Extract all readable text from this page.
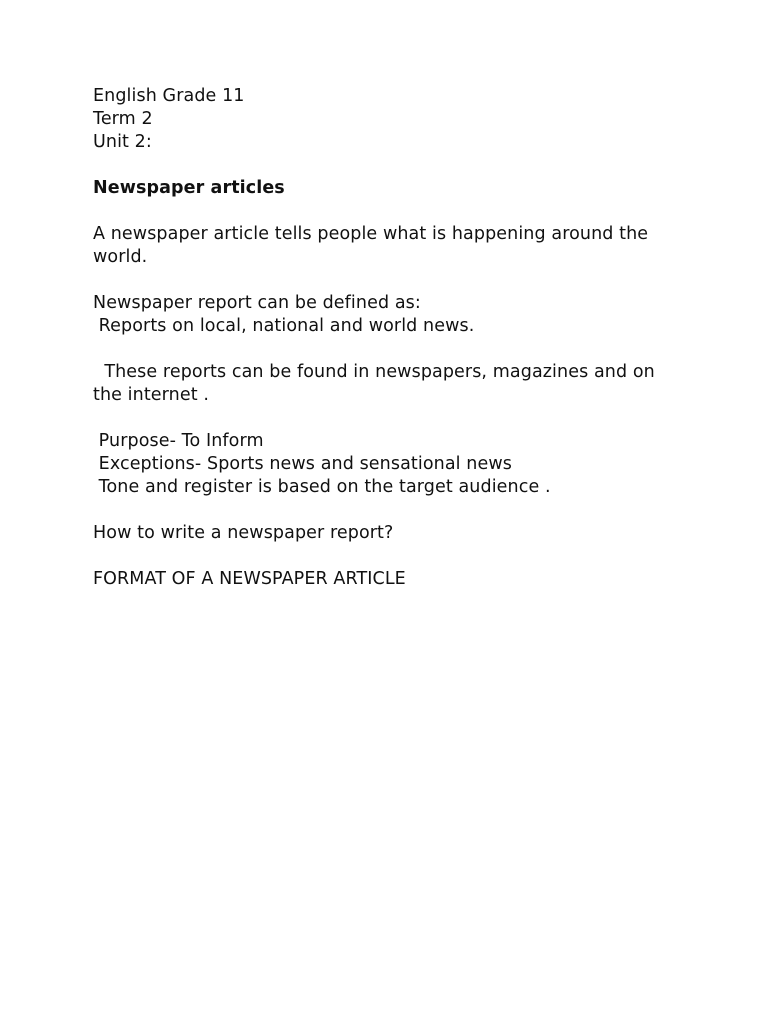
English Grade 11
Term 2
Unit 2:
Newspaper articles
A newspaper article tells people what is happening around the world.
Newspaper report can be defined as:
Reports on local, national and world news.
These reports can be found in newspapers, magazines and on the internet .
Purpose- To Inform
Exceptions- Sports news and sensational news
Tone and register is based on the target audience .
How to write a newspaper report?
FORMAT OF A NEWSPAPER ARTICLE
